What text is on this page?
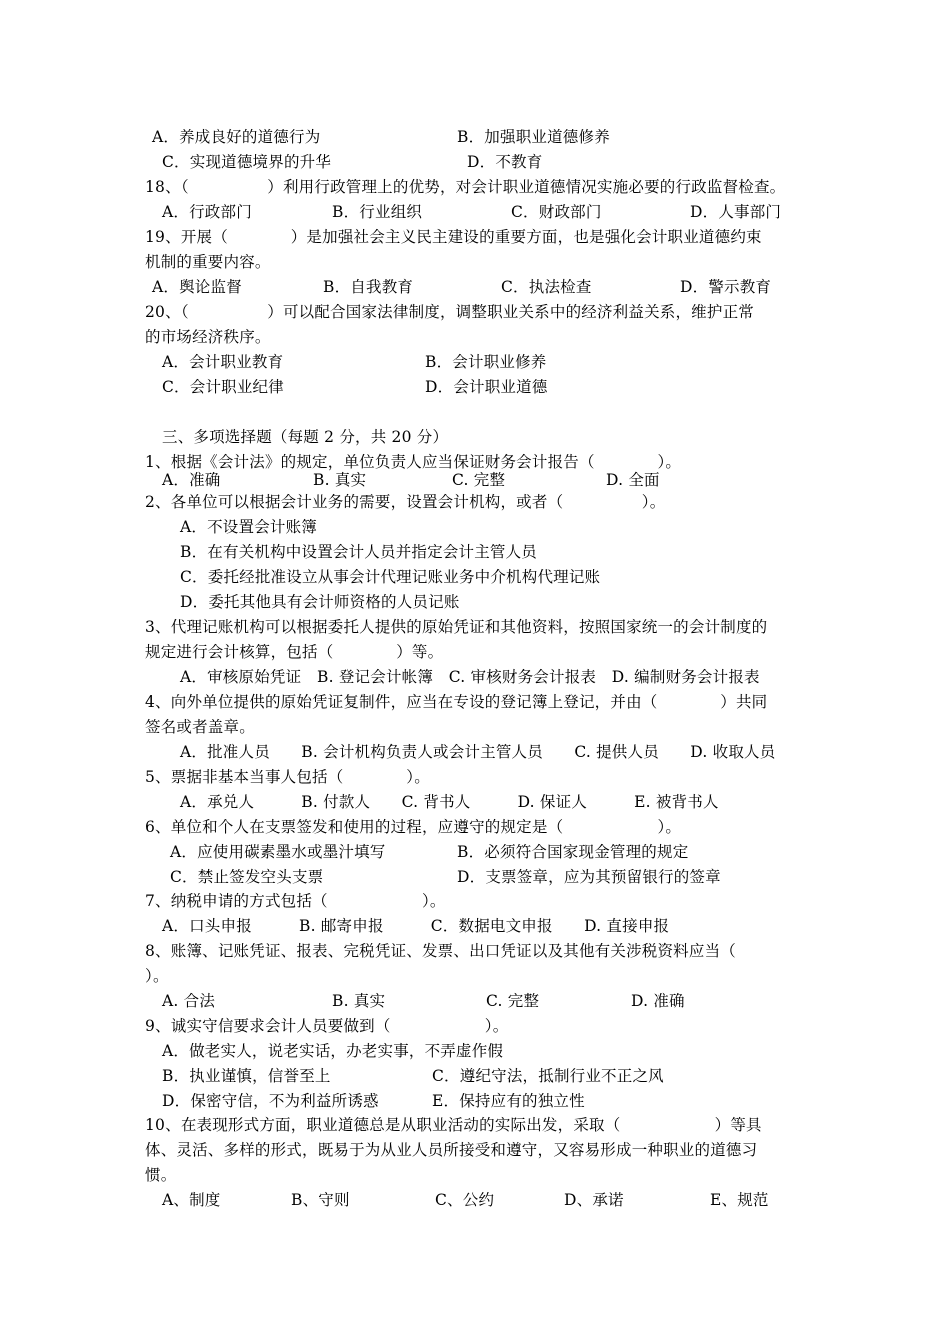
A．养成良好的道德行为	B．加强职业道德修养
C．实现道德境界的升华	D．不教育
18、（　　　　　）利用行政管理上的优势，对会计职业道德情况实施必要的行政监督检查。
A．行政部门	B．行业组织	C．财政部门	D．人事部门
19、开展（　　　　）是加强社会主义民主建设的重要方面，也是强化会计职业道德约束
机制的重要内容。
A．舆论监督	B．自我教育	C．执法检查	D．警示教育
20、（　　　　　）可以配合国家法律制度，调整职业关系中的经济利益关系，维护正常
的市场经济秩序。
A．会计职业教育	B．会计职业修养
C．会计职业纪律	D．会计职业道德
三、多项选择题（每题 2 分，共 20 分）
1、根据《会计法》的规定，单位负责人应当保证财务会计报告（　　　　）。
A．准确	B. 真实	C. 完整	D. 全面
2、各单位可以根据会计业务的需要，设置会计机构，或者（　　　　　）。
A．不设置会计账簿
B．在有关机构中设置会计人员并指定会计主管人员
C．委托经批准设立从事会计代理记账业务中介机构代理记账
D．委托其他具有会计师资格的人员记账
3、代理记账机构可以根据委托人提供的原始凭证和其他资料，按照国家统一的会计制度的
规定进行会计核算，包括（　　　　）等。
A．审核原始凭证　B. 登记会计帐簿　C. 审核财务会计报表　D. 编制财务会计报表
4、向外单位提供的原始凭证复制件，应当在专设的登记簿上登记，并由（　　　　）共同
签名或者盖章。
A．批准人员　　B. 会计机构负责人或会计主管人员　　C. 提供人员　　D. 收取人员
5、票据非基本当事人包括（　　　　）。
A．承兑人　　　B. 付款人　　C. 背书人　　　D. 保证人　　　E. 被背书人
6、单位和个人在支票签发和使用的过程，应遵守的规定是（　　　　　　）。
A．应使用碳素墨水或墨汁填写	B．必须符合国家现金管理的规定
C．禁止签发空头支票	D．支票签章，应为其预留银行的签章
7、纳税申请的方式包括（　　　　　　）。
A．口头申报　　　B. 邮寄申报　　　C．数据电文申报　　D. 直接申报
8、账簿、记账凭证、报表、完税凭证、发票、出口凭证以及其他有关涉税资料应当（
）。
A. 合法	B. 真实	C. 完整	D. 准确
9、诚实守信要求会计人员要做到（　　　　　　）。
A．做老实人，说老实话，办老实事，不弄虚作假
B．执业谨慎，信誉至上	C．遵纪守法，抵制行业不正之风
D．保密守信，不为利益所诱惑	E．保持应有的独立性
10、在表现形式方面，职业道德总是从职业活动的实际出发，采取（　　　　　　）等具
体、灵活、多样的形式，既易于为从业人员所接受和遵守，又容易形成一种职业的道德习
惯。
A、制度	B、守则	C、公约	D、承诺	E、规范
